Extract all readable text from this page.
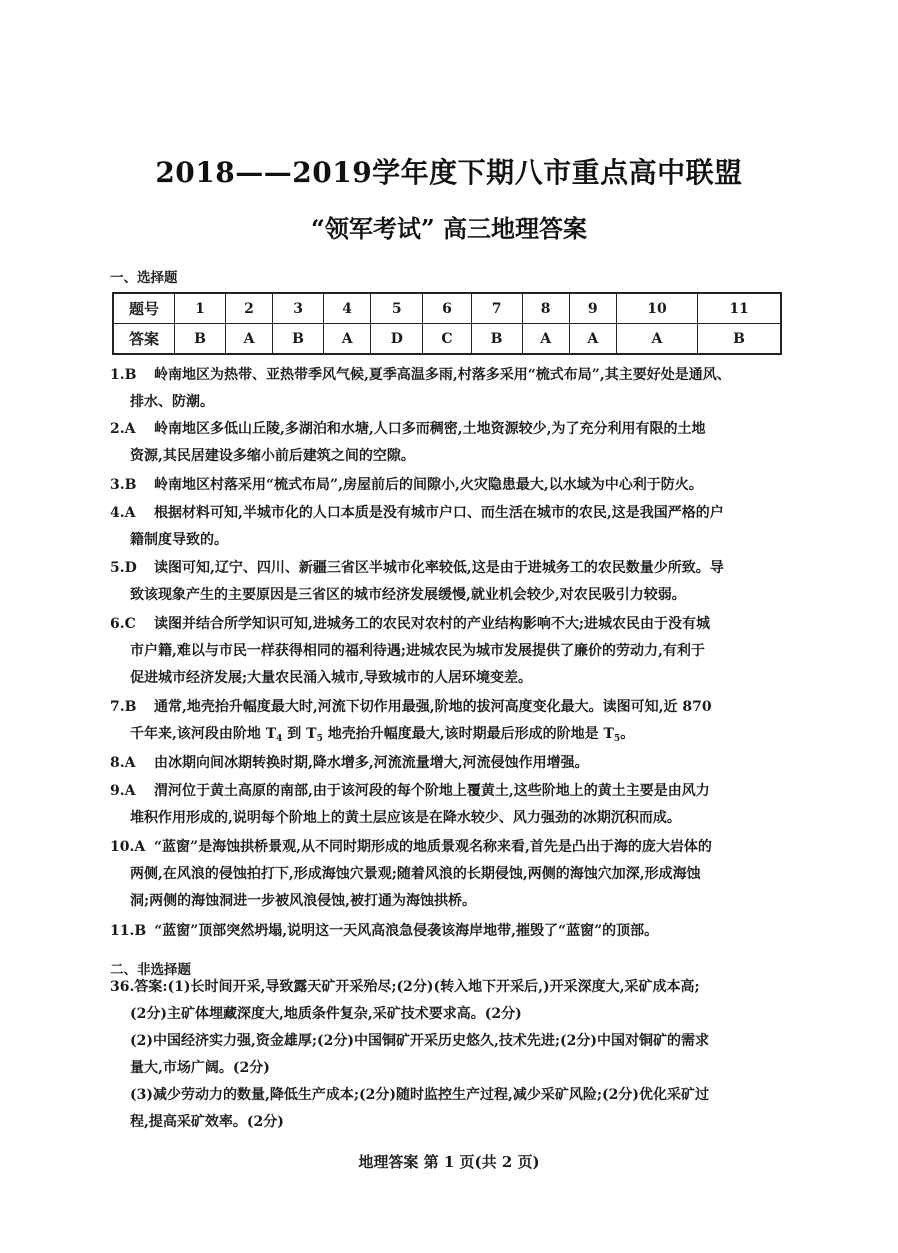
2018——2019学年度下期八市重点高中联盟
“领军考试” 高三地理答案
一、选择题
题号	1	2	3	4	5	6	7	8	9	10	11
答案	B	A	B	A	D	C	B	A	A	A	B
1.B 岭南地区为热带、亚热带季风气候,夏季高温多雨,村落多采用“梳式布局”,其主要好处是通风、
排水、防潮。
2.A 岭南地区多低山丘陵,多湖泊和水塘,人口多而稠密,土地资源较少,为了充分利用有限的土地
资源,其民居建设多缩小前后建筑之间的空隙。
3.B 岭南地区村落采用“梳式布局”,房屋前后的间隙小,火灾隐患最大,以水域为中心利于防火。
4.A 根据材料可知,半城市化的人口本质是没有城市户口、而生活在城市的农民,这是我国严格的户
籍制度导致的。
5.D 读图可知,辽宁、四川、新疆三省区半城市化率较低,这是由于进城务工的农民数量少所致。导
致该现象产生的主要原因是三省区的城市经济发展缓慢,就业机会较少,对农民吸引力较弱。
6.C 读图并结合所学知识可知,进城务工的农民对农村的产业结构影响不大;进城农民由于没有城
市户籍,难以与市民一样获得相同的福利待遇;进城农民为城市发展提供了廉价的劳动力,有利于
促进城市经济发展;大量农民涌入城市,导致城市的人居环境变差。
7.B 通常,地壳抬升幅度最大时,河流下切作用最强,阶地的拔河高度变化最大。读图可知,近 870
千年来,该河段由阶地 $T_4$ 到 $T_5$ 地壳抬升幅度最大,该时期最后形成的阶地是 $T_5$。
8.A 由冰期向间冰期转换时期,降水增多,河流流量增大,河流侵蚀作用增强。
9.A 渭河位于黄土高原的南部,由于该河段的每个阶地上覆黄土,这些阶地上的黄土主要是由风力
堆积作用形成的,说明每个阶地上的黄土层应该是在降水较少、风力强劲的冰期沉积而成。
10.A “蓝窗”是海蚀拱桥景观,从不同时期形成的地质景观名称来看,首先是凸出于海的庞大岩体的
两侧,在风浪的侵蚀拍打下,形成海蚀穴景观;随着风浪的长期侵蚀,两侧的海蚀穴加深,形成海蚀
洞;两侧的海蚀洞进一步被风浪侵蚀,被打通为海蚀拱桥。
11.B “蓝窗”顶部突然坍塌,说明这一天风高浪急侵袭该海岸地带,摧毁了“蓝窗”的顶部。
二、非选择题
36.答案:(1)长时间开采,导致露天矿开采殆尽;(2分)(转入地下开采后,)开采深度大,采矿成本高;
(2分)主矿体埋藏深度大,地质条件复杂,采矿技术要求高。(2分)
(2)中国经济实力强,资金雄厚;(2分)中国铜矿开采历史悠久,技术先进;(2分)中国对铜矿的需求
量大,市场广阔。(2分)
(3)减少劳动力的数量,降低生产成本;(2分)随时监控生产过程,减少采矿风险;(2分)优化采矿过
程,提高采矿效率。(2分)
地理答案 第 1 页(共 2 页)
